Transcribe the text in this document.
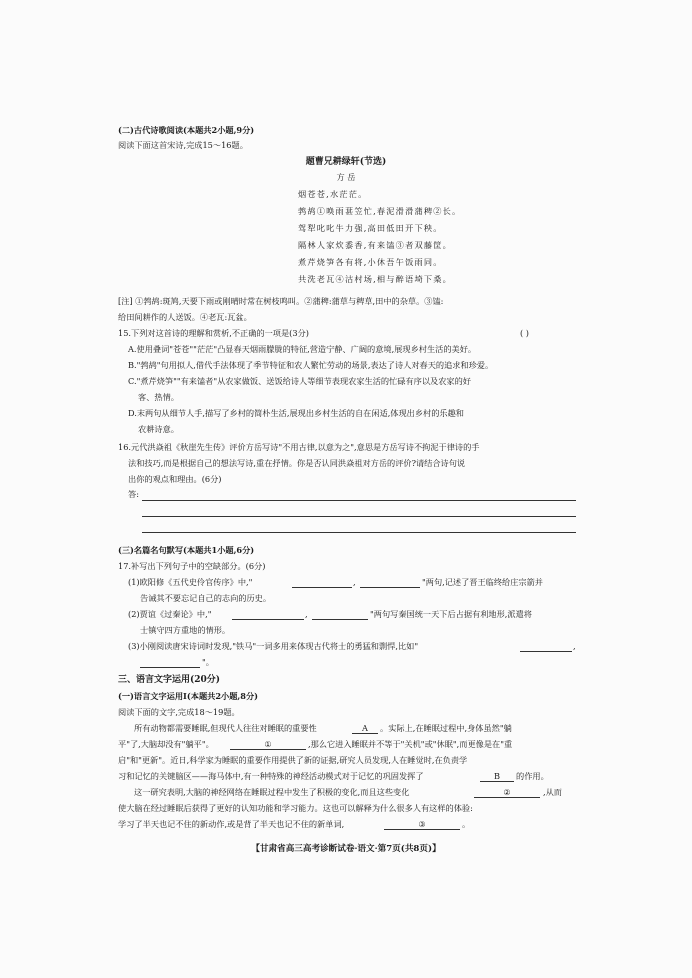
(二)古代诗歌阅读(本题共2小题,9分)
阅读下面这首宋诗,完成15～16题。
题曹兄耕绿轩(节选)
方 岳
烟苍苍,水茫茫。
鹁鸪①唤雨葚笠忙,春泥滑滑蒲稗②长。
驾犁叱叱牛力强,高田低田开下秧。
隔林人家炊黍香,有来馌③者双藤筐。
煮芹烧笋各有将,小休吾午饭雨同。
共洗老瓦④沽村场,相与醉语埼下桑。
[注] ①鹁鸪:斑鸠,天要下雨或刚晴时常在树枝鸣叫。②蒲稗:蒲草与稗草,田中的杂草。③馌:
给田间耕作的人送饭。④老瓦:瓦盆。
15.下列对这首诗的理解和赏析,不正确的一项是(3分)	( )
A.使用叠词"苍苍""茫茫"凸显春天烟雨朦胧的特征,营造宁静、广阔的意境,展现乡村生活的美好。
B."鹁鸪"句用拟人,借代手法体现了季节特征和农人繁忙劳动的场景,表达了诗人对春天的追求和珍爱。
C."煮芹烧笋""有来馌者"从农家做饭、送饭给诗人等细节表现农家生活的忙碌有序以及农家的好
客、热情。
D.末两句从细节人手,描写了乡村的简朴生活,展现出乡村生活的自在闲适,体现出乡村的乐趣和
农耕诗意。
16.元代洪焱祖《秋崖先生传》评价方岳写诗"不用古律,以意为之",意思是方岳写诗不拘泥于律诗的手
法和技巧,而是根据自己的想法写诗,重在抒情。你是否认同洪焱祖对方岳的评价?请结合诗句说
出你的观点和理由。(6分)
答:
(三)名篇名句默写(本题共1小题,6分)
17.补写出下列句子中的空缺部分。(6分)
(1)欧阳修《五代史伶官传序》中,"	,	"两句,记述了晋王临终给庄宗箭并
告诫其不要忘记自己的志向的历史。
(2)贾谊《过秦论》中,"	,	"两句写秦国统一天下后占据有利地形,派遣将
士镇守四方重地的情形。
(3)小刚阅读唐宋诗词时发现,"铁马"一词多用来体现古代将士的勇猛和剽悍,比如"	,
"。
三、语言文字运用(20分)
(一)语言文字运用Ⅰ(本题共2小题,8分)
阅读下面的文字,完成18～19题。
所有动物都需要睡眠,但现代人往往对睡眠的重要性	A	。实际上,在睡眠过程中,身体虽然"躺
平"了,大脑却没有"躺平"。	①	,那么它进入睡眠并不等于"关机"或"休眠",而更像是在"重
启"和"更新"。近日,科学家为睡眠的重要作用提供了新的证据,研究人员发现,人在睡觉时,在负责学
习和记忆的关键脑区——海马体中,有一种特殊的神经活动模式对于记忆的巩固发挥了	B	的作用。
这一研究表明,大脑的神经网络在睡眠过程中发生了积极的变化,而且这些变化	②	,从而
使大脑在经过睡眠后获得了更好的认知功能和学习能力。这也可以解释为什么很多人有这样的体验:
学习了半天也记不住的新动作,或是背了半天也记不住的新单词,	③	。
【甘肃省高三高考诊断试卷·语文·第7页(共8页)】
